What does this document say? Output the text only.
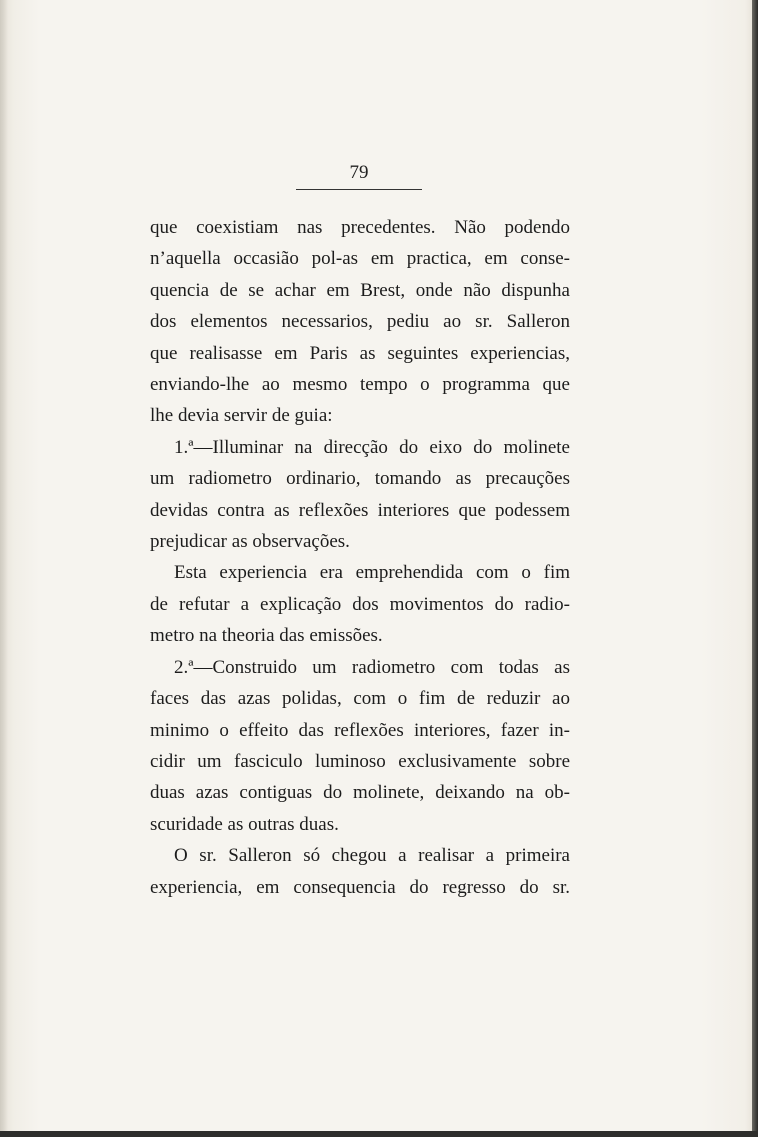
79
que coexistiam nas precedentes. Não podendo
n’aquella occasião pol-as em practica, em conse-
quencia de se achar em Brest, onde não dispunha
dos elementos necessarios, pediu ao sr. Salleron
que realisasse em Paris as seguintes experiencias,
enviando-lhe ao mesmo tempo o programma que
lhe devia servir de guia:
1.ª—Illuminar na direcção do eixo do molinete
um radiometro ordinario, tomando as precauções
devidas contra as reflexões interiores que podessem
prejudicar as observações.
Esta experiencia era emprehendida com o fim
de refutar a explicação dos movimentos do radio-
metro na theoria das emissões.
2.ª—Construido um radiometro com todas as
faces das azas polidas, com o fim de reduzir ao
minimo o effeito das reflexões interiores, fazer in-
cidir um fasciculo luminoso exclusivamente sobre
duas azas contiguas do molinete, deixando na ob-
scuridade as outras duas.
O sr. Salleron só chegou a realisar a primeira
experiencia, em consequencia do regresso do sr.
